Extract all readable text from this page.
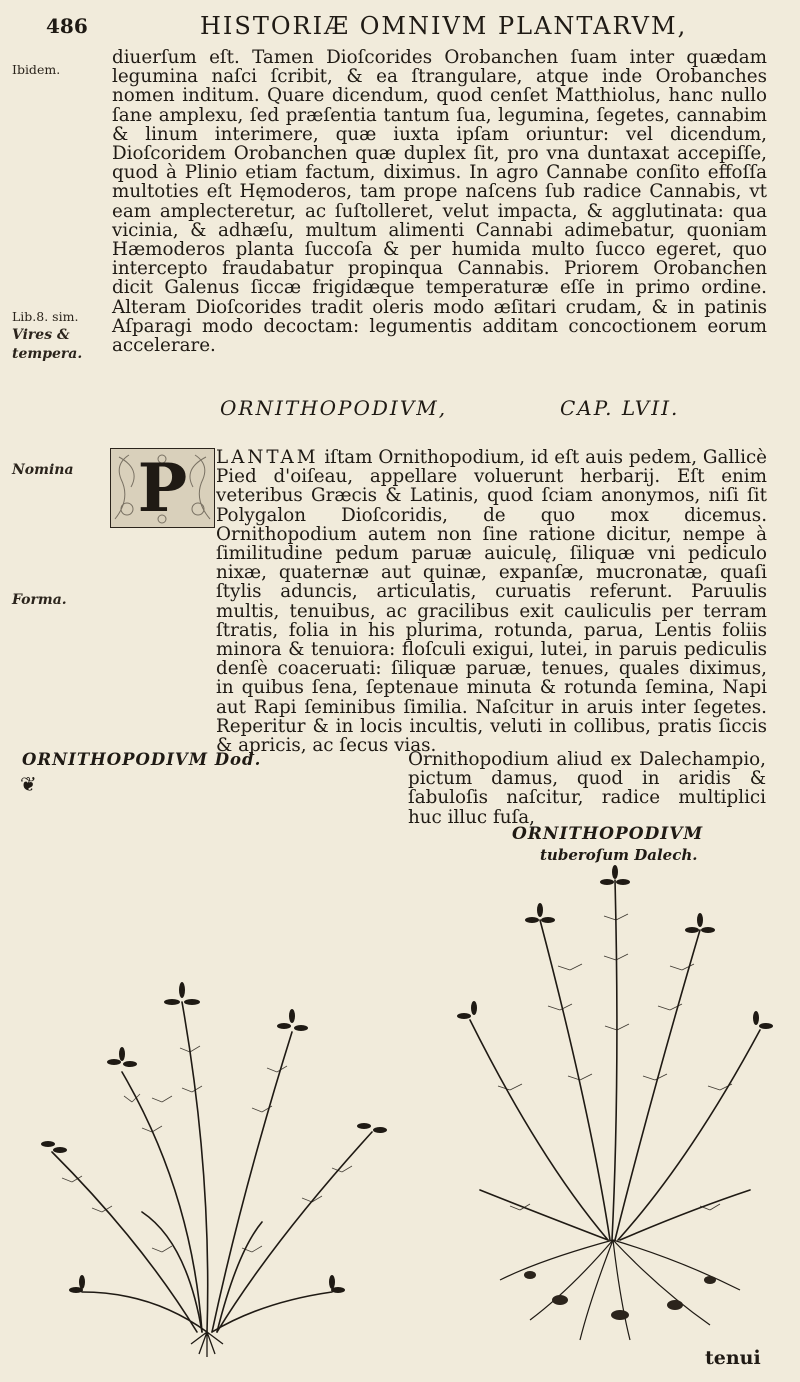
486	HISTORIÆ OMNIVM PLANTARVM,
Ibidem.
Lib.8. sim.
Vires &
tempera.
Nomina
Forma.

diuerſum eſt. Tamen Dioſcorides Orobanchen ſuam inter quædam legumina naſci ſcribit, & ea ſtrangulare, atque inde Orobanches nomen inditum. Quare dicendum, quod cenſet Matthiolus, hanc nullo ſane amplexu, ſed præſentia tantum ſua, legumina, ſegetes, cannabim & linum interimere, quæ iuxta ipſam oriuntur: vel dicendum, Dioſcoridem Orobanchen quæ duplex ſit, pro vna duntaxat accepiſſe, quod à Plinio etiam factum, diximus. In agro Cannabe conſito effoſſa multoties eſt Hęmoderos, tam prope naſcens ſub radice Cannabis, vt eam amplecteretur, ac ſuſtolleret, velut impacta, & agglutinata: qua vicinia, & adhæſu, multum alimenti Cannabi adimebatur, quoniam Hæmoderos planta ſuccoſa & per humida multo ſucco egeret, quo intercepto fraudabatur propinqua Cannabis. Priorem Orobanchen dicit Galenus ſiccæ frigidæque temperaturæ eſſe in primo ordine. Alteram Dioſcorides tradit oleris modo æſitari crudam, & in patinis Aſparagi modo decoctam: legumentis additam concoctionem eorum accelerare.

ORNITHOPODIVM,	CAP. LVII.
P	LANTAM iſtam Ornithopodium, id eſt auis pedem, Gallicè Pied d'oiſeau, appellare voluerunt herbarij. Eſt enim veteribus Græcis & Latinis, quod ſciam anonymos, niſi ſit Polygalon Dioſcoridis, de quo mox dicemus. Ornithopodium autem non ſine ratione dicitur, nempe à ſimilitudine pedum paruæ auiculę, ſiliquæ vni pediculo nixæ, quaternæ aut quinæ, expanſæ, mucronatæ, quaſi ſtylis aduncis, articulatis, curuatis referunt. Paruulis multis, tenuibus, ac gracilibus exit cauliculis per terram ſtratis, folia in his plurima, rotunda, parua, Lentis foliis minora & tenuiora: floſculi exigui, lutei, in paruis pediculis denſè coaceruati: ſiliquæ paruæ, tenues, quales diximus, in quibus ſena, ſeptenaue minuta & rotunda ſemina, Napi aut Rapi ſeminibus ſimilia. Naſcitur in aruis inter ſegetes. Reperitur & in locis incultis, veluti in collibus, pratis ſiccis & apricis, ac ſecus vias.

❦
ORNITHOPODIVM Dod.	Ornithopodium aliud ex Dalechampio, pictum damus, quod in aridis & ſabuloſis naſcitur, radice multiplici huc illuc fuſa,
ORNITHOPODIVM
tuberoſum Dalech.
tenui
